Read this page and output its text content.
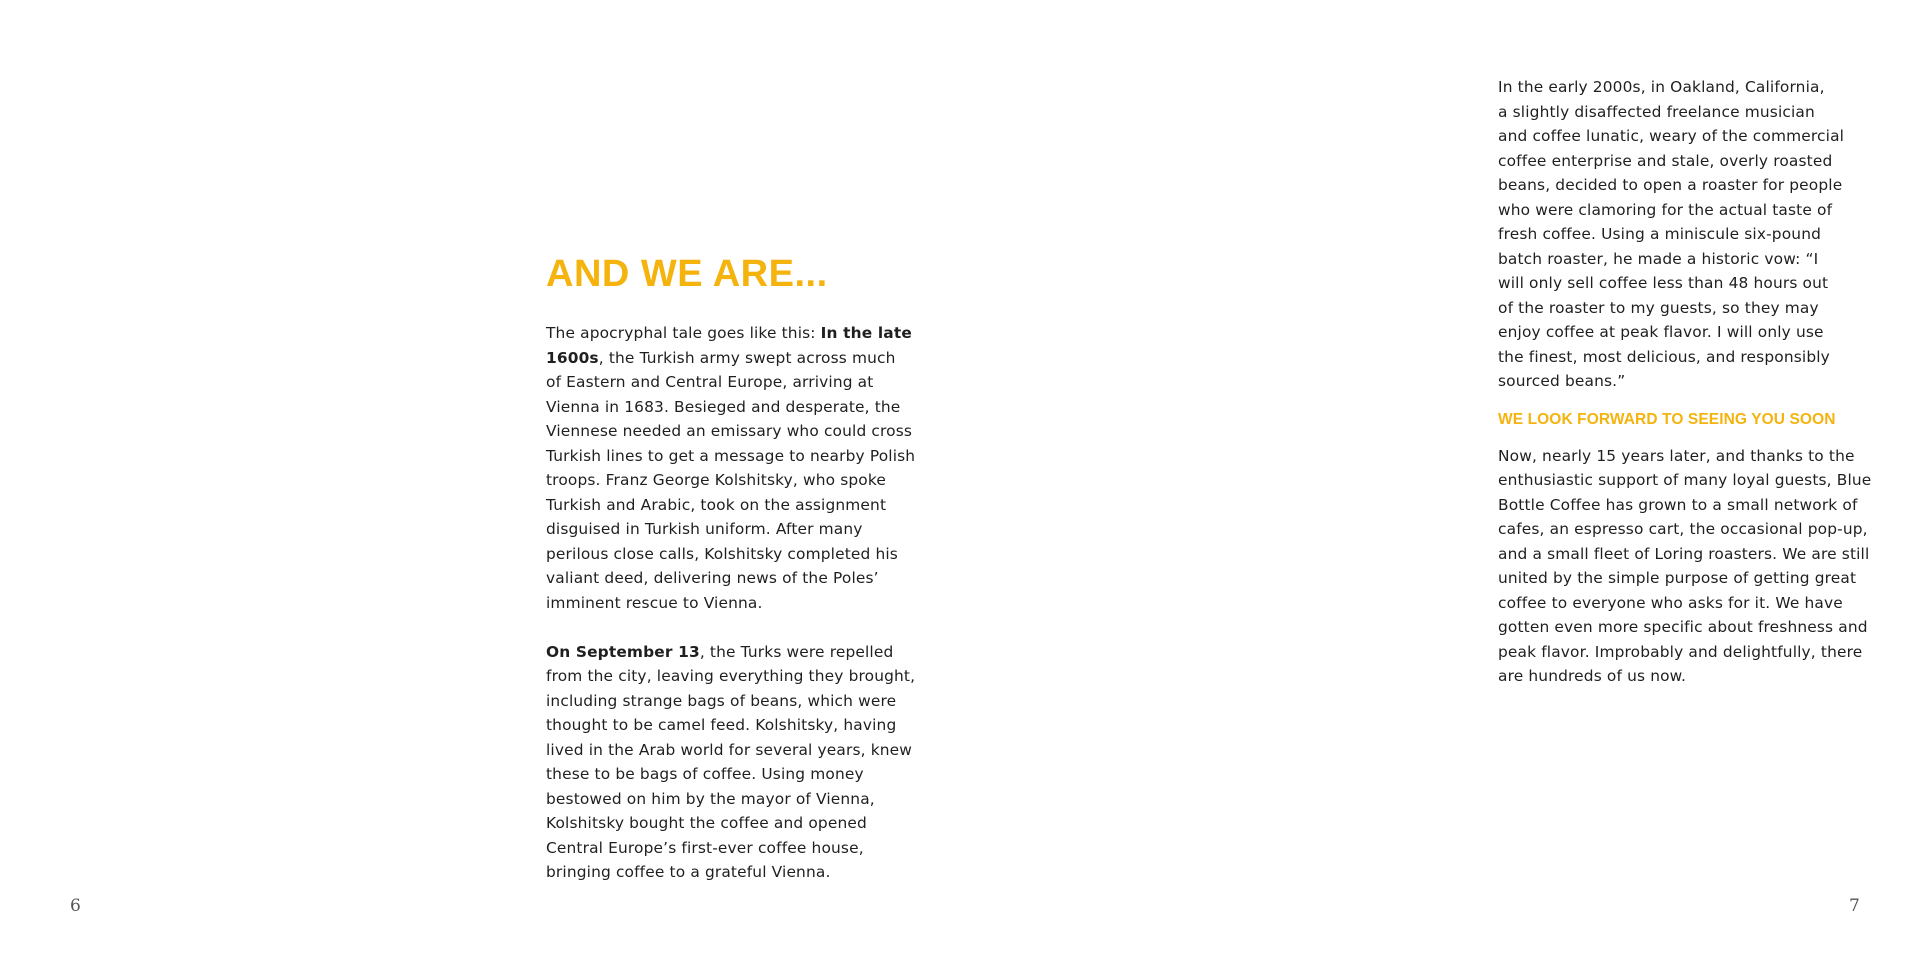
6	7
AND WE ARE...

The apocryphal tale goes like this: In the late
1600s, the Turkish army swept across much
of Eastern and Central Europe, arriving at
Vienna in 1683. Besieged and desperate, the
Viennese needed an emissary who could cross
Turkish lines to get a message to nearby Polish
troops. Franz George Kolshitsky, who spoke
Turkish and Arabic, took on the assignment
disguised in Turkish uniform. After many
perilous close calls, Kolshitsky completed his
valiant deed, delivering news of the Poles’
imminent rescue to Vienna.

On September 13, the Turks were repelled
from the city, leaving everything they brought,
including strange bags of beans, which were
thought to be camel feed. Kolshitsky, having
lived in the Arab world for several years, knew
these to be bags of coffee. Using money
bestowed on him by the mayor of Vienna,
Kolshitsky bought the coffee and opened
Central Europe’s first-ever coffee house,
bringing coffee to a grateful Vienna.

In the early 2000s, in Oakland, California,
a slightly disaffected freelance musician
and coffee lunatic, weary of the commercial
coffee enterprise and stale, overly roasted
beans, decided to open a roaster for people
who were clamoring for the actual taste of
fresh coffee. Using a miniscule six-pound
batch roaster, he made a historic vow: “I
will only sell coffee less than 48 hours out
of the roaster to my guests, so they may
enjoy coffee at peak flavor. I will only use
the finest, most delicious, and responsibly
sourced beans.”

WE LOOK FORWARD TO SEEING YOU SOON

Now, nearly 15 years later, and thanks to the
enthusiastic support of many loyal guests, Blue
Bottle Coffee has grown to a small network of
cafes, an espresso cart, the occasional pop-up,
and a small fleet of Loring roasters. We are still
united by the simple purpose of getting great
coffee to everyone who asks for it. We have
gotten even more specific about freshness and
peak flavor. Improbably and delightfully, there
are hundreds of us now.
